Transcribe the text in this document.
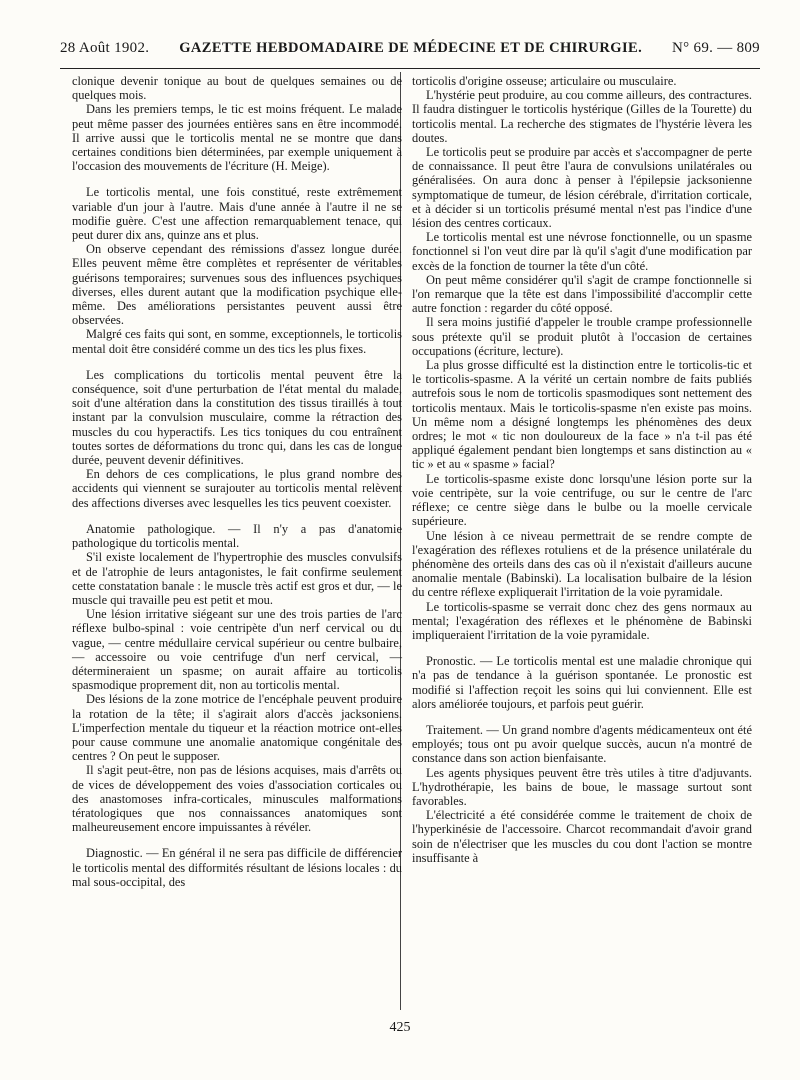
28 Août 1902. GAZETTE HEBDOMADAIRE DE MÉDECINE ET DE CHIRURGIE. N° 69. — 809

clonique devenir tonique au bout de quelques semaines ou de quelques mois.

Dans les premiers temps, le tic est moins fréquent. Le malade peut même passer des journées entières sans en être incommodé. Il arrive aussi que le torticolis mental ne se montre que dans certaines conditions bien déterminées, par exemple uniquement à l'occasion des mouvements de l'écriture (H. Meige).

Le torticolis mental, une fois constitué, reste extrêmement variable d'un jour à l'autre. Mais d'une année à l'autre il ne se modifie guère. C'est une affection remarquablement tenace, qui peut durer dix ans, quinze ans et plus.

On observe cependant des rémissions d'assez longue durée. Elles peuvent même être complètes et représenter de véritables guérisons temporaires; survenues sous des influences psychiques diverses, elles durent autant que la modification psychique elle-même. Des améliorations persistantes peuvent aussi être observées.

Malgré ces faits qui sont, en somme, exceptionnels, le torticolis mental doit être considéré comme un des tics les plus fixes.

Les complications du torticolis mental peuvent être la conséquence, soit d'une perturbation de l'état mental du malade, soit d'une altération dans la constitution des tissus tiraillés à tout instant par la convulsion musculaire, comme la rétraction des muscles du cou hyperactifs. Les tics toniques du cou entraînent toutes sortes de déformations du tronc qui, dans les cas de longue durée, peuvent devenir définitives.

En dehors de ces complications, le plus grand nombre des accidents qui viennent se surajouter au torticolis mental relèvent des affections diverses avec lesquelles les tics peuvent coexister.

Anatomie pathologique. — Il n'y a pas d'anatomie pathologique du torticolis mental.

S'il existe localement de l'hypertrophie des muscles convulsifs et de l'atrophie de leurs antagonistes, le fait confirme seulement cette constatation banale : le muscle très actif est gros et dur, — le muscle qui travaille peu est petit et mou.

Une lésion irritative siégeant sur une des trois parties de l'arc réflexe bulbo-spinal : voie centripète d'un nerf cervical ou du vague, — centre médullaire cervical supérieur ou centre bulbaire, — accessoire ou voie centrifuge d'un nerf cervical, — détermineraient un spasme; on aurait affaire au torticolis spasmodique proprement dit, non au torticolis mental.

Des lésions de la zone motrice de l'encéphale peuvent produire la rotation de la tête; il s'agirait alors d'accès jacksoniens. L'imperfection mentale du tiqueur et la réaction motrice ont-elles pour cause commune une anomalie anatomique congénitale des centres ? On peut le supposer.

Il s'agit peut-être, non pas de lésions acquises, mais d'arrêts ou de vices de développement des voies d'association corticales ou des anastomoses infra-corticales, minuscules malformations tératologiques que nos connaissances anatomiques sont malheureusement encore impuissantes à révéler.

Diagnostic. — En général il ne sera pas difficile de différencier le torticolis mental des difformités résultant de lésions locales : du mal sous-occipital, des

torticolis d'origine osseuse; articulaire ou musculaire.

L'hystérie peut produire, au cou comme ailleurs, des contractures. Il faudra distinguer le torticolis hystérique (Gilles de la Tourette) du torticolis mental. La recherche des stigmates de l'hystérie lèvera les doutes.

Le torticolis peut se produire par accès et s'accompagner de perte de connaissance. Il peut être l'aura de convulsions unilatérales ou généralisées. On aura donc à penser à l'épilepsie jacksonienne symptomatique de tumeur, de lésion cérébrale, d'irritation corticale, et à décider si un torticolis présumé mental n'est pas l'indice d'une lésion des centres corticaux.

Le torticolis mental est une névrose fonctionnelle, ou un spasme fonctionnel si l'on veut dire par là qu'il s'agit d'une modification par excès de la fonction de tourner la tête d'un côté.

On peut même considérer qu'il s'agit de crampe fonctionnelle si l'on remarque que la tête est dans l'impossibilité d'accomplir cette autre fonction : regarder du côté opposé.

Il sera moins justifié d'appeler le trouble crampe professionnelle sous prétexte qu'il se produit plutôt à l'occasion de certaines occupations (écriture, lecture).

La plus grosse difficulté est la distinction entre le torticolis-tic et le torticolis-spasme. A la vérité un certain nombre de faits publiés autrefois sous le nom de torticolis spasmodiques sont nettement des torticolis mentaux. Mais le torticolis-spasme n'en existe pas moins. Un même nom a désigné longtemps les phénomènes des deux ordres; le mot « tic non douloureux de la face » n'a t-il pas été appliqué également pendant bien longtemps et sans distinction au « tic » et au « spasme » facial?

Le torticolis-spasme existe donc lorsqu'une lésion porte sur la voie centripète, sur la voie centrifuge, ou sur le centre de l'arc réflexe; ce centre siège dans le bulbe ou la moelle cervicale supérieure.

Une lésion à ce niveau permettrait de se rendre compte de l'exagération des réflexes rotuliens et de la présence unilatérale du phénomène des orteils dans des cas où il n'existait d'ailleurs aucune anomalie mentale (Babinski). La localisation bulbaire de la lésion du centre réflexe expliquerait l'irritation de la voie pyramidale.

Le torticolis-spasme se verrait donc chez des gens normaux au mental; l'exagération des réflexes et le phénomène de Babinski impliqueraient l'irritation de la voie pyramidale.

Pronostic. — Le torticolis mental est une maladie chronique qui n'a pas de tendance à la guérison spontanée. Le pronostic est modifié si l'affection reçoit les soins qui lui conviennent. Elle est alors améliorée toujours, et parfois peut guérir.

Traitement. — Un grand nombre d'agents médicamenteux ont été employés; tous ont pu avoir quelque succès, aucun n'a montré de constance dans son action bienfaisante.

Les agents physiques peuvent être très utiles à titre d'adjuvants. L'hydrothérapie, les bains de boue, le massage surtout sont favorables.

L'électricité a été considérée comme le traitement de choix de l'hyperkinésie de l'accessoire. Charcot recommandait d'avoir grand soin de n'électriser que les muscles du cou dont l'action se montre insuffisante à

425
